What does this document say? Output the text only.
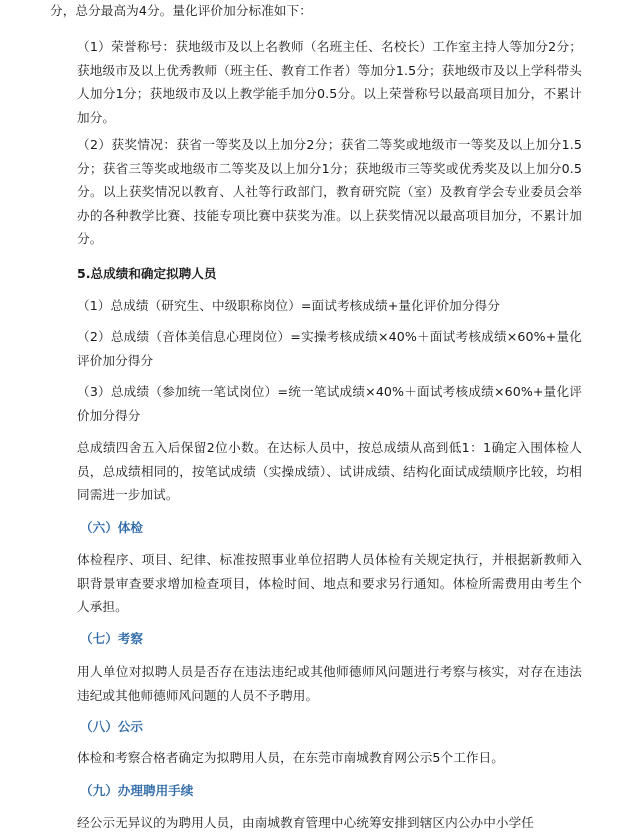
分，总分最高为4分。量化评价加分标准如下：

（1）荣誉称号：获地级市及以上名教师（名班主任、名校长）工作室主持人等加分2分；获地级市及以上优秀教师（班主任、教育工作者）等加分1.5分；获地级市及以上学科带头人加分1分；获地级市及以上教学能手加分0.5分。以上荣誉称号以最高项目加分，不累计加分。

（2）获奖情况：获省一等奖及以上加分2分；获省二等奖或地级市一等奖及以上加分1.5分；获省三等奖或地级市二等奖及以上加分1分；获地级市三等奖或优秀奖及以上加分0.5分。以上获奖情况以教育、人社等行政部门，教育研究院（室）及教育学会专业委员会举办的各种教学比赛、技能专项比赛中获奖为准。以上获奖情况以最高项目加分，不累计加分。

5.总成绩和确定拟聘人员

（1）总成绩（研究生、中级职称岗位）=面试考核成绩+量化评价加分得分

（2）总成绩（音体美信息心理岗位）=实操考核成绩×40%＋面试考核成绩×60%+量化评价加分得分

（3）总成绩（参加统一笔试岗位）=统一笔试成绩×40%＋面试考核成绩×60%+量化评价加分得分

总成绩四舍五入后保留2位小数。在达标人员中，按总成绩从高到低1：1确定入围体检人员，总成绩相同的，按笔试成绩（实操成绩）、试讲成绩、结构化面试成绩顺序比较，均相同需进一步加试。

（六）体检

体检程序、项目、纪律、标准按照事业单位招聘人员体检有关规定执行，并根据新教师入职背景审查要求增加检查项目，体检时间、地点和要求另行通知。体检所需费用由考生个人承担。

（七）考察

用人单位对拟聘人员是否存在违法违纪或其他师德师风问题进行考察与核实，对存在违法违纪或其他师德师风问题的人员不予聘用。

（八）公示

体检和考察合格者确定为拟聘用人员，在东莞市南城教育网公示5个工作日。

（九）办理聘用手续

经公示无异议的为聘用人员，由南城教育管理中心统筹安排到辖区内公办中小学任
